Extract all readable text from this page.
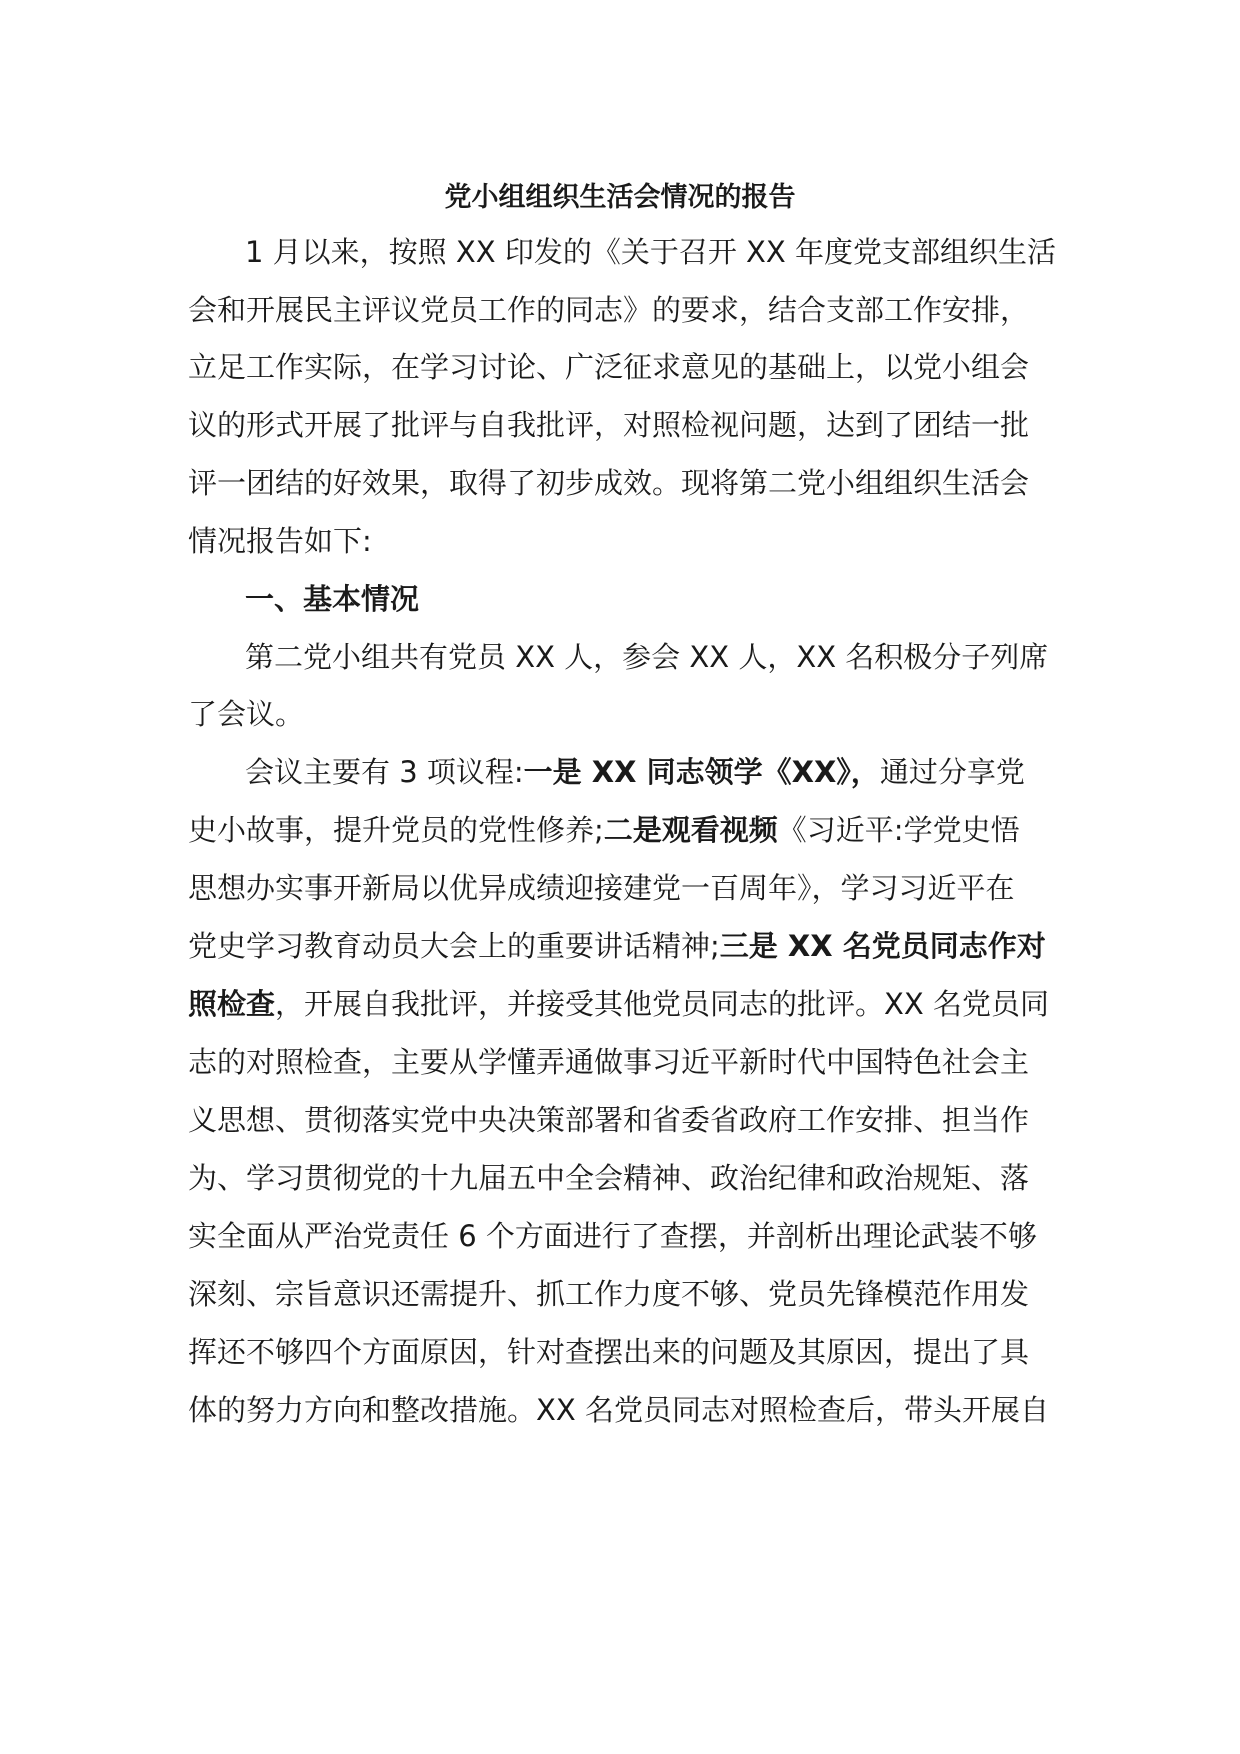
党小组组织生活会情况的报告
1 月以来，按照 XX 印发的《关于召开 XX 年度党支部组织生活
会和开展民主评议党员工作的同志》的要求，结合支部工作安排，
立足工作实际，在学习讨论、广泛征求意见的基础上，以党小组会
议的形式开展了批评与自我批评，对照检视问题，达到了团结一批
评一团结的好效果，取得了初步成效。现将第二党小组组织生活会
情况报告如下:
一、基本情况
第二党小组共有党员 XX 人，参会 XX 人，XX 名积极分子列席
了会议。
会议主要有 3 项议程:一是 XX 同志领学《XX》，通过分享党
史小故事，提升党员的党性修养;二是观看视频《习近平:学党史悟
思想办实事开新局以优异成绩迎接建党一百周年》，学习习近平在
党史学习教育动员大会上的重要讲话精神;三是 XX 名党员同志作对
照检查，开展自我批评，并接受其他党员同志的批评。XX 名党员同
志的对照检查，主要从学懂弄通做事习近平新时代中国特色社会主
义思想、贯彻落实党中央决策部署和省委省政府工作安排、担当作
为、学习贯彻党的十九届五中全会精神、政治纪律和政治规矩、落
实全面从严治党责任 6 个方面进行了查摆，并剖析出理论武装不够
深刻、宗旨意识还需提升、抓工作力度不够、党员先锋模范作用发
挥还不够四个方面原因，针对查摆出来的问题及其原因，提出了具
体的努力方向和整改措施。XX 名党员同志对照检查后，带头开展自
